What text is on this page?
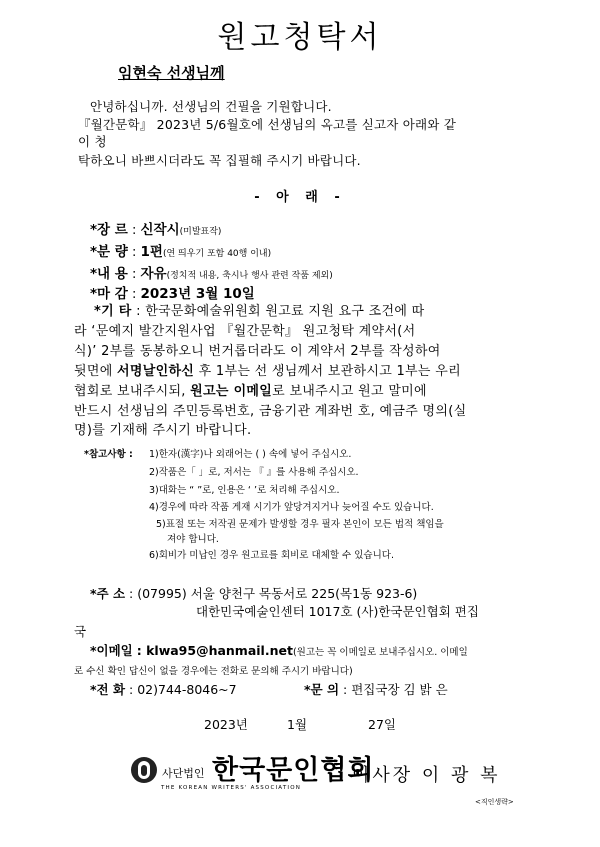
원고청탁서
임현숙 선생님께
안녕하십니까. 선생님의 건필을 기원합니다.
『월간문학』 2023년 5/6월호에 선생님의 옥고를 싣고자 아래와 같
이 청
탁하오니 바쁘시더라도 꼭 집필해 주시기 바랍니다.
- 아 래 -
*장 르 : 신작시(미발표작)
*분 량 : 1편(연 띄우기 포함 40행 이내)
*내 용 : 자유(정치적 내용, 축시나 행사 관련 작품 제외)
*마 감 : 2023년 3월 10일
*기 타 : 한국문화예술위원회 원고료 지원 요구 조건에 따
라 ‘문예지 발간지원사업 『월간문학』 원고청탁 계약서(서
식)’ 2부를 동봉하오니 번거롭더라도 이 계약서 2부를 작성하여
뒷면에 서명날인하신 후 1부는 선 생님께서 보관하시고 1부는 우리
협회로 보내주시되, 원고는 이메일로 보내주시고 원고 말미에
반드시 선생님의 주민등록번호, 금융기관 계좌번 호, 예금주 명의(실
명)를 기재해 주시기 바랍니다.
*참고사항 : 1)한자(漢字)나 외래어는 ( ) 속에 넣어 주십시오.
2)작품은「 」로, 저서는 『 』를 사용해 주십시오.
3)대화는 “ ”로, 인용은 ‘ ’로 처리해 주십시오.
4)경우에 따라 작품 게재 시기가 앞당겨지거나 늦어질 수도 있습니다.
5)표절 또는 저작권 문제가 발생할 경우 필자 본인이 모든 법적 책임을
져야 합니다.
6)회비가 미납인 경우 원고료를 회비로 대체할 수 있습니다.
*주 소 : (07995) 서울 양천구 목동서로 225(목1동 923-6)
대한민국예술인센터 1017호 (사)한국문인협회 편집
국
*이메일 : klwa95@hanmail.net(원고는 꼭 이메일로 보내주십시오. 이메일
로 수신 확인 답신이 없을 경우에는 전화로 문의해 주시기 바랍니다)
*전 화 : 02)744-8046~7	*문 의 : 편집국장 김 밝 은
2023년	1월	27일
사단법인 한국문인협회
THE KOREAN WRITERS' ASSOCIATION
이사장 이 광 복
<직인생략>
